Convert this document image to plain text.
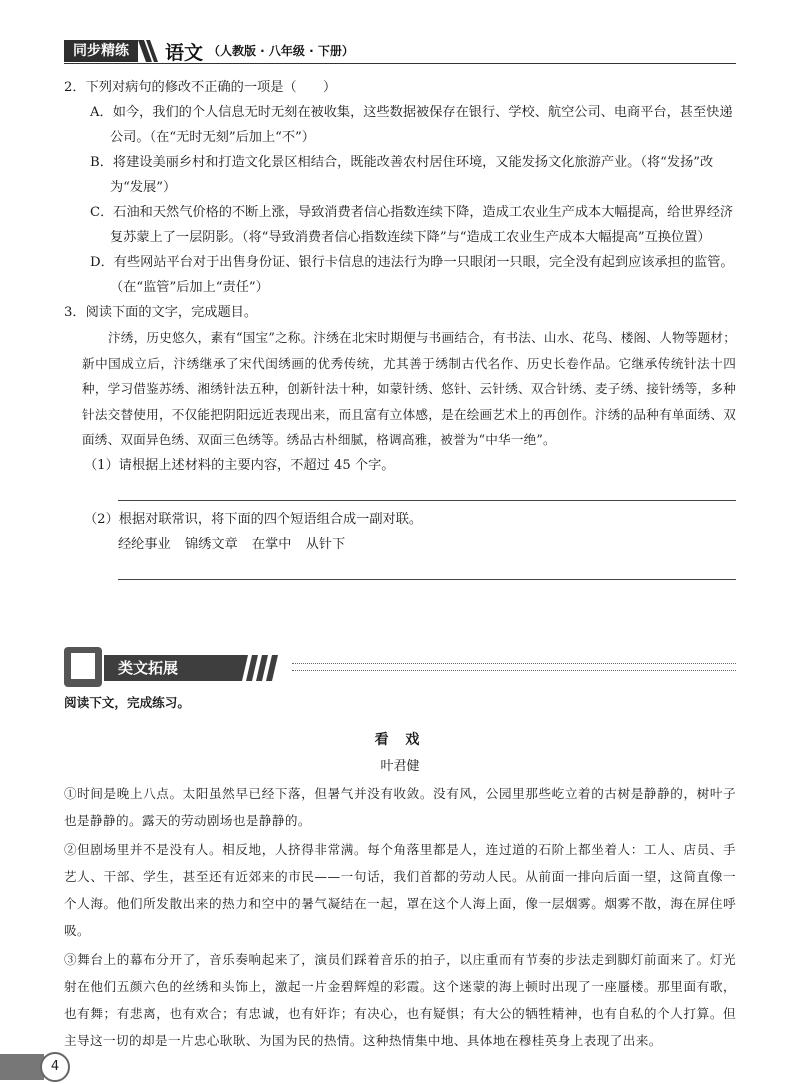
同步精练	语文 （人教版 · 八年级 · 下册）
2．下列对病句的修改不正确的一项是（　　）
A．如今，我们的个人信息无时无刻在被收集，这些数据被保存在银行、学校、航空公司、电商平台，甚至快递公司。（在“无时无刻”后加上“不”）
B．将建设美丽乡村和打造文化景区相结合，既能改善农村居住环境，又能发扬文化旅游产业。（将“发扬”改为“发展”）
C．石油和天然气价格的不断上涨，导致消费者信心指数连续下降，造成工农业生产成本大幅提高，给世界经济复苏蒙上了一层阴影。（将“导致消费者信心指数连续下降”与“造成工农业生产成本大幅提高”互换位置）
D．有些网站平台对于出售身份证、银行卡信息的违法行为睁一只眼闭一只眼，完全没有起到应该承担的监管。（在“监管”后加上“责任”）
3．阅读下面的文字，完成题目。
汴绣，历史悠久，素有“国宝”之称。汴绣在北宋时期便与书画结合，有书法、山水、花鸟、楼阁、人物等题材；新中国成立后，汴绣继承了宋代闺绣画的优秀传统，尤其善于绣制古代名作、历史长卷作品。它继承传统针法十四种，学习借鉴苏绣、湘绣针法五种，创新针法十种，如蒙针绣、悠针、云针绣、双合针绣、麦子绣、接针绣等，多种针法交替使用，不仅能把阴阳远近表现出来，而且富有立体感，是在绘画艺术上的再创作。汴绣的品种有单面绣、双面绣、双面异色绣、双面三色绣等。绣品古朴细腻，格调高雅，被誉为“中华一绝”。
（1）请根据上述材料的主要内容，不超过 45 个字。
（2）根据对联常识，将下面的四个短语组合成一副对联。
经纶事业 锦绣文章 在掌中 从针下
类文拓展
阅读下文，完成练习。
看 戏
叶君健
①时间是晚上八点。太阳虽然早已经下落，但暑气并没有收敛。没有风，公园里那些屹立着的古树是静静的，树叶子也是静静的。露天的劳动剧场也是静静的。
②但剧场里并不是没有人。相反地，人挤得非常满。每个角落里都是人，连过道的石阶上都坐着人：工人、店员、手艺人、干部、学生，甚至还有近郊来的市民——一句话，我们首都的劳动人民。从前面一排向后面一望，这简直像一个人海。他们所发散出来的热力和空中的暑气凝结在一起，罩在这个人海上面，像一层烟雾。烟雾不散，海在屏住呼吸。
③舞台上的幕布分开了，音乐奏响起来了，演员们踩着音乐的拍子，以庄重而有节奏的步法走到脚灯前面来了。灯光射在他们五颜六色的丝绣和头饰上，激起一片金碧辉煌的彩霞。这个迷蒙的海上顿时出现了一座蜃楼。那里面有歌，也有舞；有悲离，也有欢合；有忠诚，也有奸诈；有决心，也有疑惧；有大公的牺牲精神，也有自私的个人打算。但主导这一切的却是一片忠心耿耿、为国为民的热情。这种热情集中地、具体地在穆桂英身上表现了出来。
4
